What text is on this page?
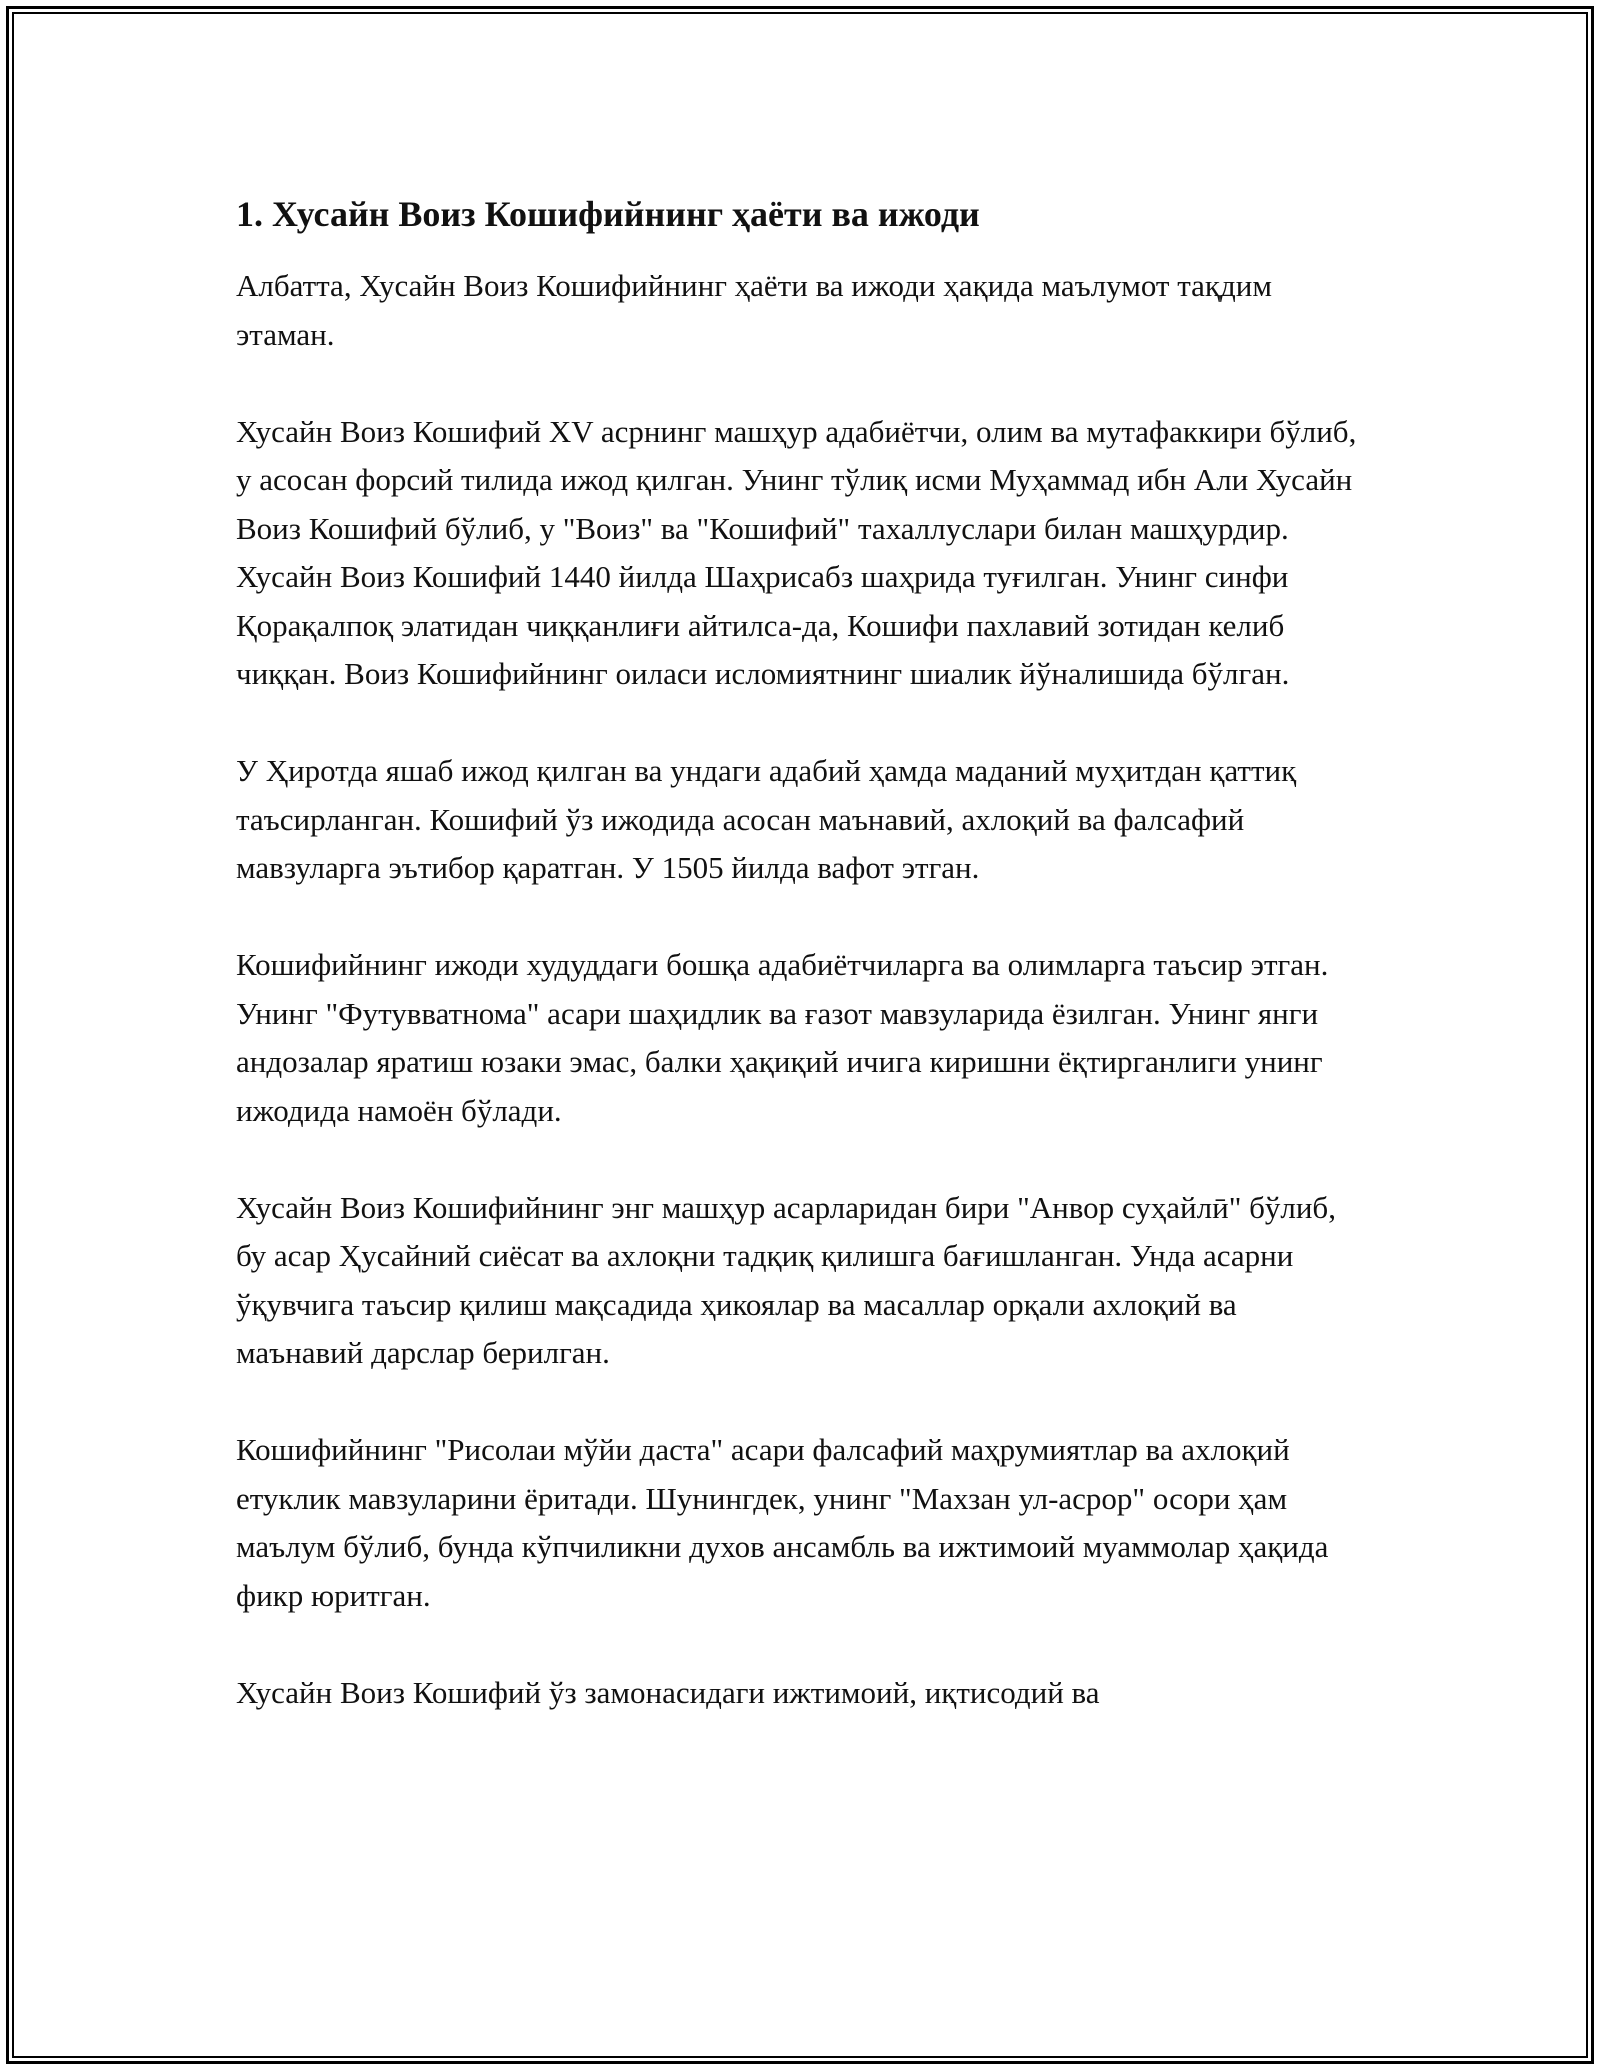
1. Хусайн Воиз Кошифийнинг ҳаёти ва ижоди

Албатта, Хусайн Воиз Кошифийнинг ҳаёти ва ижоди ҳақида маълумот тақдим этаман.

Хусайн Воиз Кошифий XV асрнинг машҳур адабиётчи, олим ва мутафаккири бўлиб, у асосан форсий тилида ижод қилган. Унинг тўлиқ исми Муҳаммад ибн Али Хусайн Воиз Кошифий бўлиб, у "Воиз" ва "Кошифий" тахаллуслари билан машҳурдир. Хусайн Воиз Кошифий 1440 йилда Шаҳрисабз шаҳрида туғилган. Унинг синфи Қорақалпоқ элатидан чиққанлиғи айтилса-да, Кошифи пахлавий зотидан келиб чиққан. Воиз Кошифийнинг оиласи исломиятнинг шиалик йўналишида бўлган.

У Ҳиротда яшаб ижод қилган ва ундаги адабий ҳамда маданий муҳитдан қаттиқ таъсирланган. Кошифий ўз ижодида асосан маънавий, ахлоқий ва фалсафий мавзуларга эътибор қаратган. У 1505 йилда вафот этган.

Кошифийнинг ижоди худуддаги бошқа адабиётчиларга ва олимларга таъсир этган. Унинг "Футувватнома" асари шаҳидлик ва ғазот мавзуларида ёзилган. Унинг янги андозалар яратиш юзаки эмас, балки ҳақиқий ичига киришни ёқтирганлиги унинг ижодида намоён бўлади.

Хусайн Воиз Кошифийнинг энг машҳур асарларидан бири "Анвор суҳайлӣ" бўлиб, бу асар Ҳусайний сиёсат ва ахлоқни тадқиқ қилишга бағишланган. Унда асарни ўқувчига таъсир қилиш мақсадида ҳикоялар ва масаллар орқали ахлоқий ва маънавий дарслар берилган.

Кошифийнинг "Рисолаи мўйи даста" асари фалсафий маҳрумиятлар ва ахлоқий етуклик мавзуларини ёритади. Шунингдек, унинг "Махзан ул-асрор" осори ҳам маълум бўлиб, бунда кўпчиликни духов ансамбль ва ижтимоий муаммолар ҳақида фикр юритган.

Хусайн Воиз Кошифий ўз замонасидаги ижтимоий, иқтисодий ва
